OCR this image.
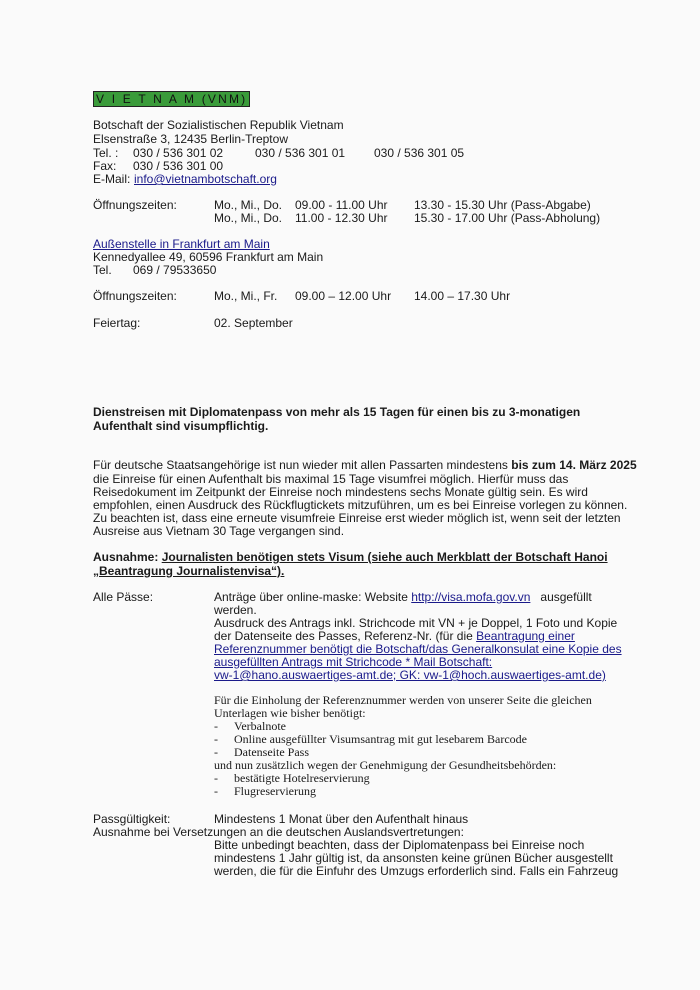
V I E T N A M (VNM)
Botschaft der Sozialistischen Republik Vietnam
Elsenstraße 3, 12435 Berlin-Treptow
Tel. : 030 / 536 301 02	030 / 536 301 01 030 / 536 301 05
Fax: 030 / 536 301 00
E-Mail: info@vietnambotschaft.org
Öffnungszeiten:	Mo., Mi., Do. 09.00 - 11.00 Uhr 13.30 - 15.30 Uhr (Pass-Abgabe)
Mo., Mi., Do. 11.00 - 12.30 Uhr 15.30 - 17.00 Uhr (Pass-Abholung)
Außenstelle in Frankfurt am Main
Kennedyallee 49, 60596 Frankfurt am Main
Tel. 069 / 79533650
Öffnungszeiten:	Mo., Mi., Fr. 09.00 – 12.00 Uhr 14.00 – 17.30 Uhr
Feiertag:	02. September
Dienstreisen mit Diplomatenpass von mehr als 15 Tagen für einen bis zu 3-monatigen
Aufenthalt sind visumpflichtig.
Für deutsche Staatsangehörige ist nun wieder mit allen Passarten mindestens bis zum 14. März 2025
die Einreise für einen Aufenthalt bis maximal 15 Tage visumfrei möglich. Hierfür muss das
Reisedokument im Zeitpunkt der Einreise noch mindestens sechs Monate gültig sein. Es wird
empfohlen, einen Ausdruck des Rückflugtickets mitzuführen, um es bei Einreise vorlegen zu können.
Zu beachten ist, dass eine erneute visumfreie Einreise erst wieder möglich ist, wenn seit der letzten
Ausreise aus Vietnam 30 Tage vergangen sind.
Ausnahme: Journalisten benötigen stets Visum (siehe auch Merkblatt der Botschaft Hanoi
„Beantragung Journalistenvisa“).
Alle Pässe:	Anträge über online-maske: Website http://visa.mofa.gov.vn   ausgefüllt
werden.
Ausdruck des Antrags inkl. Strichcode mit VN + je Doppel, 1 Foto und Kopie
der Datenseite des Passes, Referenz-Nr. (für die Beantragung einer
Referenznummer benötigt die Botschaft/das Generalkonsulat eine Kopie des
ausgefüllten Antrags mit Strichcode * Mail Botschaft:
vw-1@hano.auswaertiges-amt.de; GK: vw-1@hoch.auswaertiges-amt.de)
Für die Einholung der Referenznummer werden von unserer Seite die gleichen
Unterlagen wie bisher benötigt:
- Verbalnote
- Online ausgefüllter Visumsantrag mit gut lesebarem Barcode
- Datenseite Pass
und nun zusätzlich wegen der Genehmigung der Gesundheitsbehörden:
- bestätigte Hotelreservierung
- Flugreservierung
Passgültigkeit:	Mindestens 1 Monat über den Aufenthalt hinaus
Ausnahme bei Versetzungen an die deutschen Auslandsvertretungen:
Bitte unbedingt beachten, dass der Diplomatenpass bei Einreise noch
mindestens 1 Jahr gültig ist, da ansonsten keine grünen Bücher ausgestellt
werden, die für die Einfuhr des Umzugs erforderlich sind. Falls ein Fahrzeug
